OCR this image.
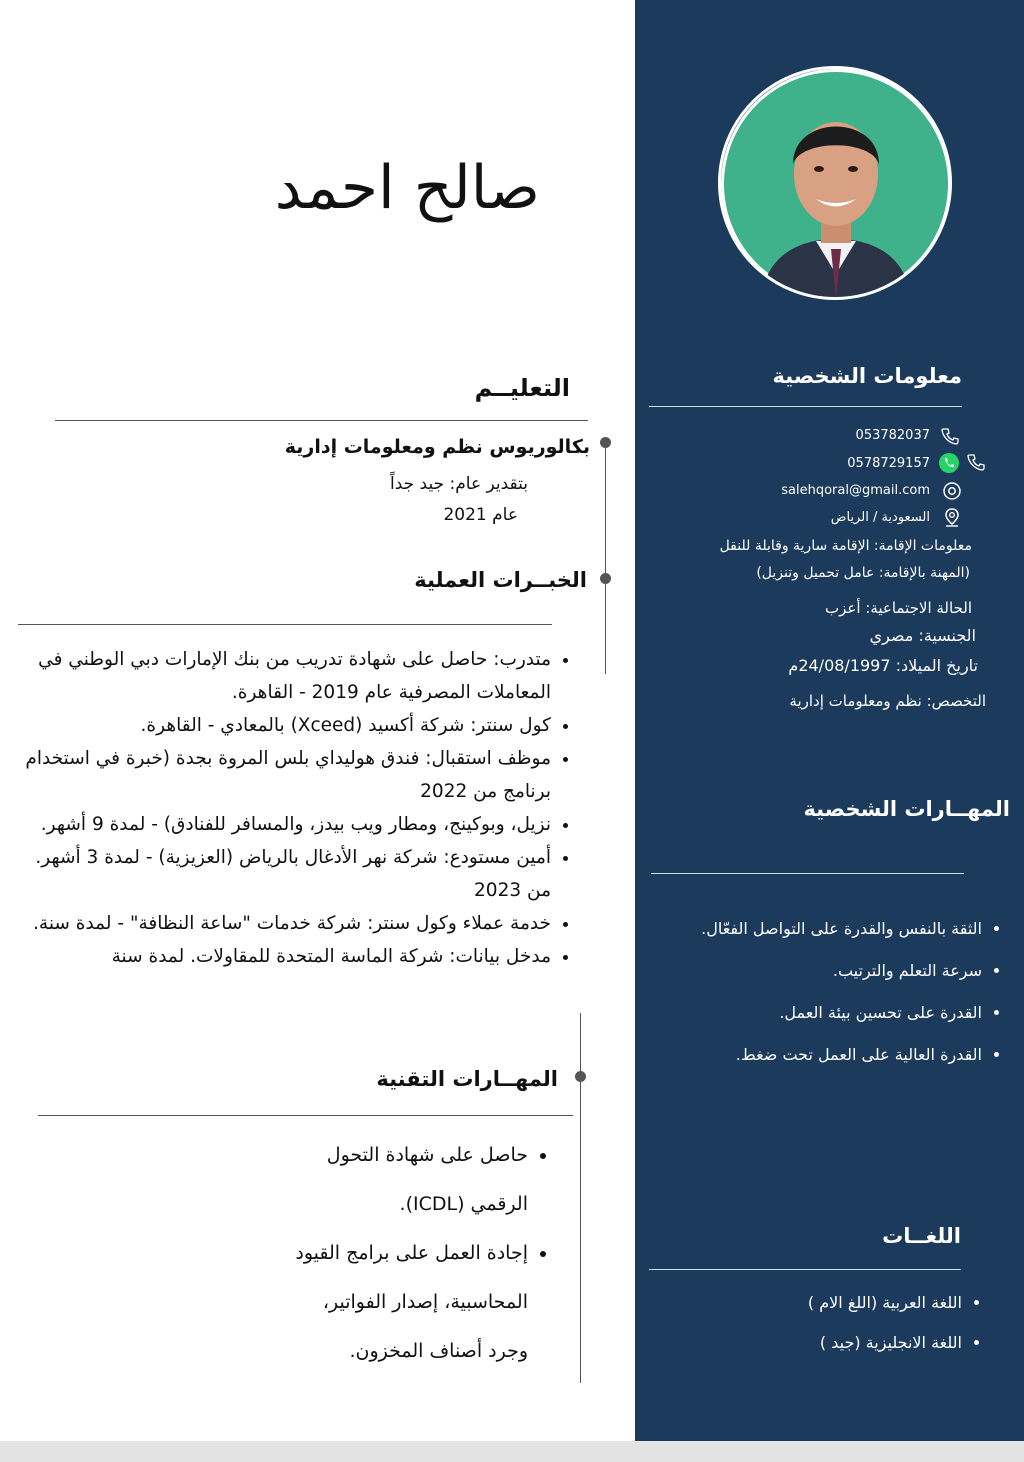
صالح احمد
معلومات الشخصية
053782037
0578729157
salehqoral@gmail.com
السعودية / الرياض
معلومات الإقامة: الإقامة سارية وقابلة للنقل
(المهنة بالإقامة: عامل تحميل وتنزيل)
الحالة الاجتماعية: أعزب
الجنسية: مصري
تاريخ الميلاد: 24/08/1997م
التخصص: نظم ومعلومات إدارية
المهــارات الشخصية
• الثقة بالنفس والقدرة على التواصل الفعّال.
• سرعة التعلم والترتيب.
• القدرة على تحسين بيئة العمل.
• القدرة العالية على العمل تحت ضغط.
اللغــات
• اللغة العربية (اللغ الام )
• اللغة الانجليزية (جيد )
التعليــم
بكالوريوس نظم ومعلومات إدارية
بتقدير عام: جيد جداً
عام 2021
الخبــرات العملية
• متدرب: حاصل على شهادة تدريب من بنك الإمارات دبي الوطني في المعاملات المصرفية عام 2019 - القاهرة.
• كول سنتر: شركة أكسيد (Xceed) بالمعادي - القاهرة.
• موظف استقبال: فندق هوليداي بلس المروة بجدة (خبرة في استخدام برنامج من 2022
• نزيل، وبوكينج، ومطار ويب بيدز، والمسافر للفنادق) - لمدة 9 أشهر.
• أمين مستودع: شركة نهر الأدغال بالرياض (العزيزية) - لمدة 3 أشهر. من 2023
• خدمة عملاء وكول سنتر: شركة خدمات "ساعة النظافة" - لمدة سنة.
• مدخل بيانات: شركة الماسة المتحدة للمقاولات. لمدة سنة
المهــارات التقنية
• حاصل على شهادة التحول الرقمي (ICDL).
• إجادة العمل على برامج القيود المحاسبية، إصدار الفواتير، وجرد أصناف المخزون.
